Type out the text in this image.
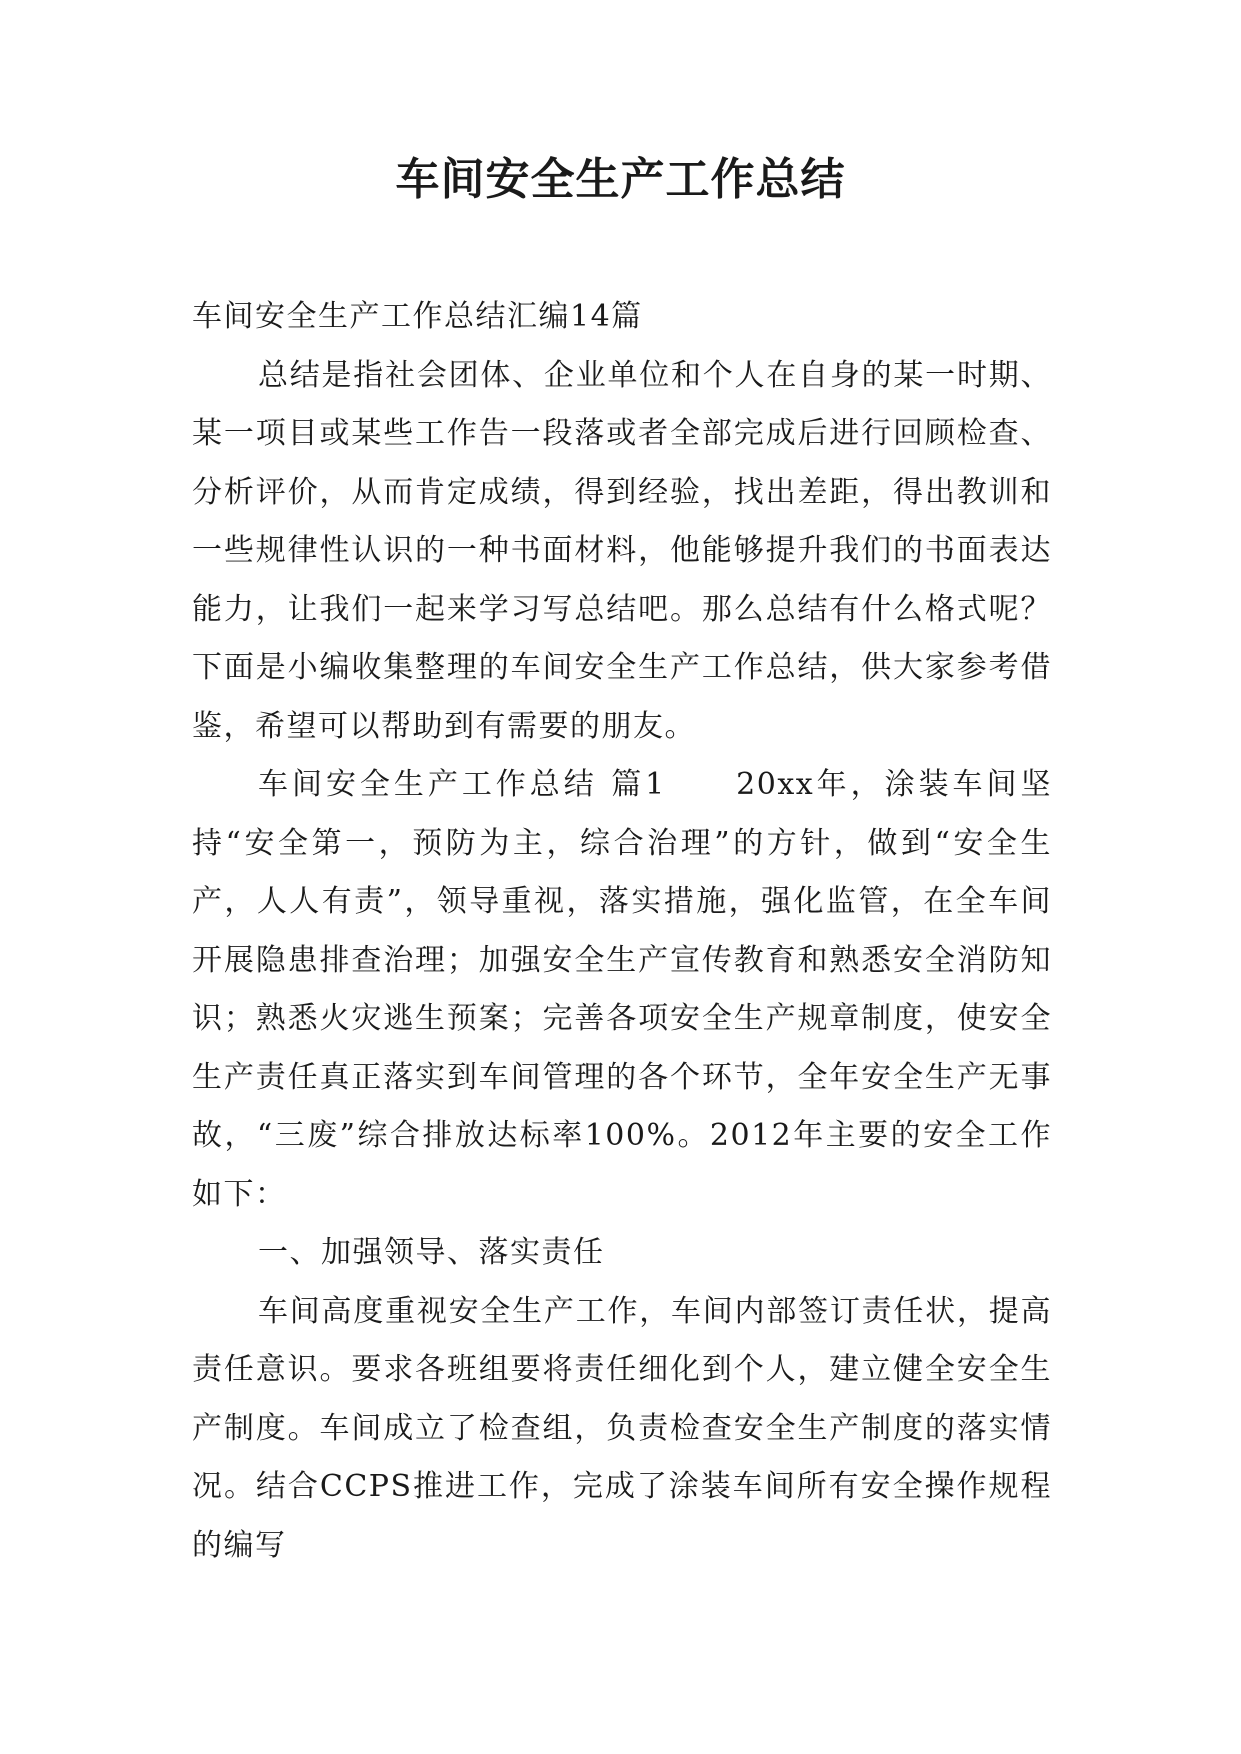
车间安全生产工作总结

车间安全生产工作总结汇编14篇

总结是指社会团体、企业单位和个人在自身的某一时期、某一项目或某些工作告一段落或者全部完成后进行回顾检查、分析评价，从而肯定成绩，得到经验，找出差距，得出教训和一些规律性认识的一种书面材料，他能够提升我们的书面表达能力，让我们一起来学习写总结吧。那么总结有什么格式呢？下面是小编收集整理的车间安全生产工作总结，供大家参考借鉴，希望可以帮助到有需要的朋友。

车间安全生产工作总结 篇1　　20xx年，涂装车间坚持“安全第一，预防为主，综合治理”的方针，做到“安全生产，人人有责”，领导重视，落实措施，强化监管，在全车间开展隐患排查治理；加强安全生产宣传教育和熟悉安全消防知识；熟悉火灾逃生预案；完善各项安全生产规章制度，使安全生产责任真正落实到车间管理的各个环节，全年安全生产无事故，“三废”综合排放达标率100%。2012年主要的安全工作如下：

一、加强领导、落实责任

车间高度重视安全生产工作，车间内部签订责任状，提高责任意识。要求各班组要将责任细化到个人，建立健全安全生产制度。车间成立了检查组，负责检查安全生产制度的落实情况。结合CCPS推进工作，完成了涂装车间所有安全操作规程的编写
